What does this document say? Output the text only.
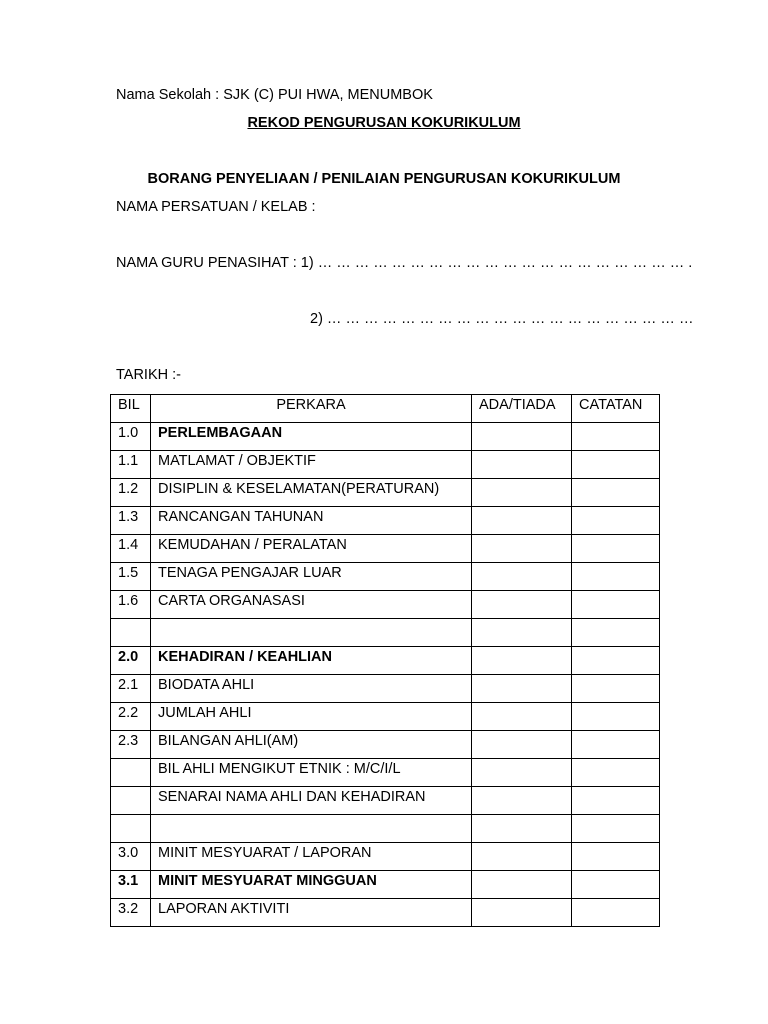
Nama Sekolah : SJK (C) PUI HWA, MENUMBOK
REKOD PENGURUSAN KOKURIKULUM
BORANG PENYELIAAN / PENILAIAN PENGURUSAN KOKURIKULUM
NAMA PERSATUAN / KELAB :
NAMA GURU PENASIHAT : 1) … … … … … … … … … … … … … … … … … … … … .
2) … … … … … … … … … … … … … … … … … … … …
TARIKH :-
BIL	PERKARA	ADA/TIADA	CATATAN
1.0	PERLEMBAGAAN		
1.1	MATLAMAT / OBJEKTIF		
1.2	DISIPLIN & KESELAMATAN(PERATURAN)		
1.3	RANCANGAN TAHUNAN		
1.4	KEMUDAHAN / PERALATAN		
1.5	TENAGA PENGAJAR LUAR		
1.6	CARTA ORGANASASI		

2.0	KEHADIRAN / KEAHLIAN		
2.1	BIODATA AHLI		
2.2	JUMLAH AHLI		
2.3	BILANGAN AHLI(AM)		
	BIL AHLI MENGIKUT ETNIK : M/C/I/L		
	SENARAI NAMA AHLI DAN KEHADIRAN		

3.0	MINIT MESYUARAT / LAPORAN		
3.1	MINIT MESYUARAT MINGGUAN		
3.2	LAPORAN AKTIVITI		
